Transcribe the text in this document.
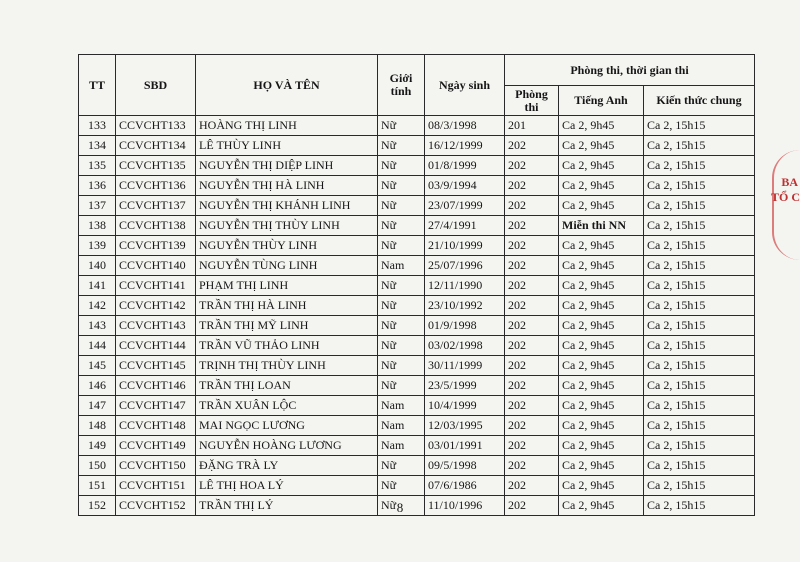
TT	SBD	HỌ VÀ TÊN	Giới tính	Ngày sinh	Phòng thi, thời gian thi		
					Phòng thi	Tiếng Anh	Kiến thức chung
133	CCVCHT133	HOÀNG THỊ LINH	Nữ	08/3/1998	201	Ca 2, 9h45	Ca 2, 15h15
134	CCVCHT134	LÊ THÙY LINH	Nữ	16/12/1999	202	Ca 2, 9h45	Ca 2, 15h15
135	CCVCHT135	NGUYỄN THỊ DIỆP LINH	Nữ	01/8/1999	202	Ca 2, 9h45	Ca 2, 15h15
136	CCVCHT136	NGUYỄN THỊ HÀ LINH	Nữ	03/9/1994	202	Ca 2, 9h45	Ca 2, 15h15
137	CCVCHT137	NGUYỄN THỊ KHÁNH LINH	Nữ	23/07/1999	202	Ca 2, 9h45	Ca 2, 15h15
138	CCVCHT138	NGUYỄN THỊ THÙY LINH	Nữ	27/4/1991	202	Miễn thi NN	Ca 2, 15h15
139	CCVCHT139	NGUYỄN THÙY LINH	Nữ	21/10/1999	202	Ca 2, 9h45	Ca 2, 15h15
140	CCVCHT140	NGUYỄN TÙNG LINH	Nam	25/07/1996	202	Ca 2, 9h45	Ca 2, 15h15
141	CCVCHT141	PHẠM THỊ LINH	Nữ	12/11/1990	202	Ca 2, 9h45	Ca 2, 15h15
142	CCVCHT142	TRẦN THỊ HÀ LINH	Nữ	23/10/1992	202	Ca 2, 9h45	Ca 2, 15h15
143	CCVCHT143	TRẦN THỊ MỸ LINH	Nữ	01/9/1998	202	Ca 2, 9h45	Ca 2, 15h15
144	CCVCHT144	TRẦN VŨ THẢO LINH	Nữ	03/02/1998	202	Ca 2, 9h45	Ca 2, 15h15
145	CCVCHT145	TRỊNH THỊ THÙY LINH	Nữ	30/11/1999	202	Ca 2, 9h45	Ca 2, 15h15
146	CCVCHT146	TRẦN THỊ LOAN	Nữ	23/5/1999	202	Ca 2, 9h45	Ca 2, 15h15
147	CCVCHT147	TRẦN XUÂN LỘC	Nam	10/4/1999	202	Ca 2, 9h45	Ca 2, 15h15
148	CCVCHT148	MAI NGỌC LƯƠNG	Nam	12/03/1995	202	Ca 2, 9h45	Ca 2, 15h15
149	CCVCHT149	NGUYỄN HOÀNG LƯƠNG	Nam	03/01/1991	202	Ca 2, 9h45	Ca 2, 15h15
150	CCVCHT150	ĐẶNG TRÀ LY	Nữ	09/5/1998	202	Ca 2, 9h45	Ca 2, 15h15
151	CCVCHT151	LÊ THỊ HOA LÝ	Nữ	07/6/1986	202	Ca 2, 9h45	Ca 2, 15h15
152	CCVCHT152	TRẦN THỊ LÝ	Nữ	11/10/1996	202	Ca 2, 9h45	Ca 2, 15h15
8
BA
TỔ C
